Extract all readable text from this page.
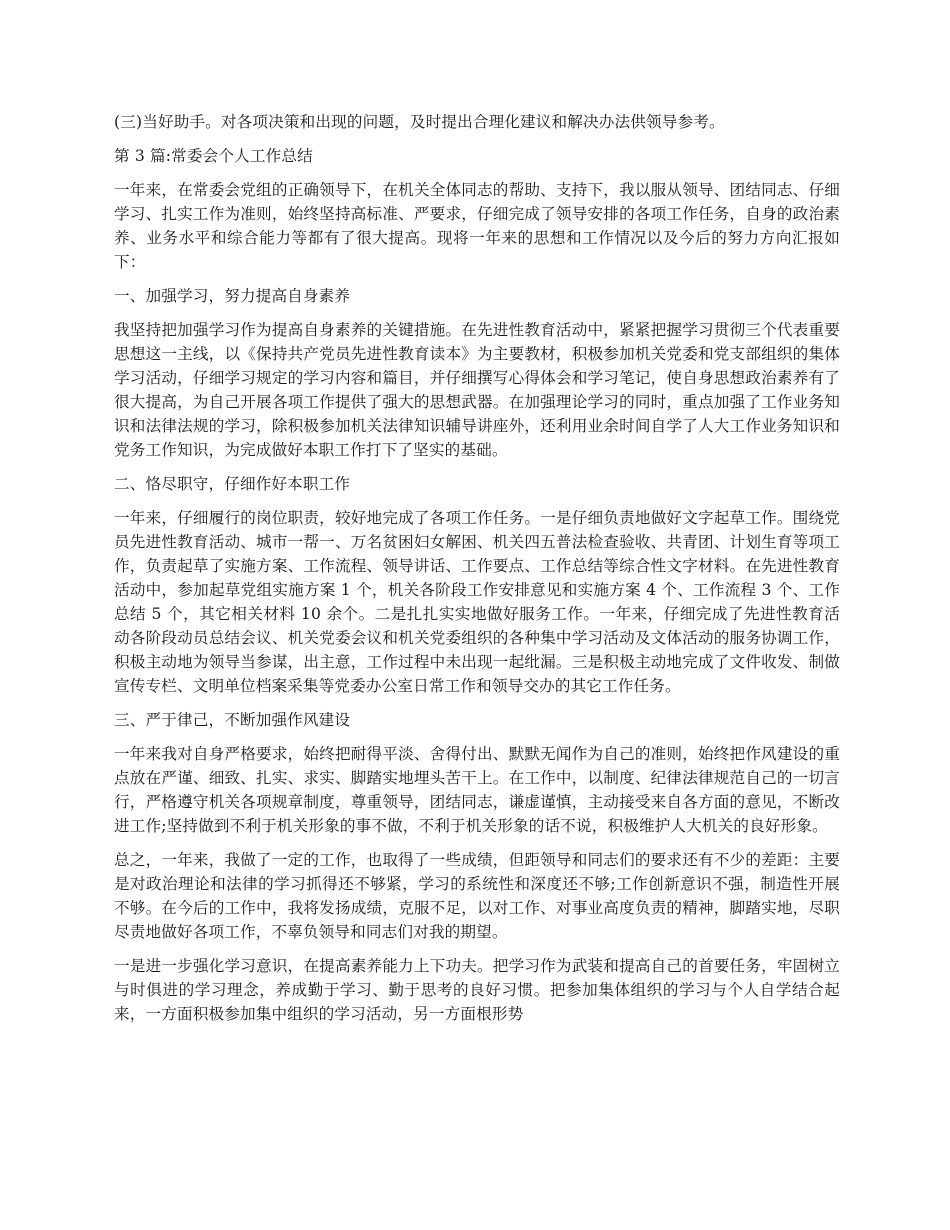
(三)当好助手。对各项决策和出现的问题，及时提出合理化建议和解决办法供领导参考。

第 3 篇:常委会个人工作总结

一年来，在常委会党组的正确领导下，在机关全体同志的帮助、支持下，我以服从领导、团结同志、仔细学习、扎实工作为准则，始终坚持高标准、严要求，仔细完成了领导安排的各项工作任务，自身的政治素养、业务水平和综合能力等都有了很大提高。现将一年来的思想和工作情况以及今后的努力方向汇报如下：

一、加强学习，努力提高自身素养

我坚持把加强学习作为提高自身素养的关键措施。在先进性教育活动中，紧紧把握学习贯彻三个代表重要思想这一主线，以《保持共产党员先进性教育读本》为主要教材，积极参加机关党委和党支部组织的集体学习活动，仔细学习规定的学习内容和篇目，并仔细撰写心得体会和学习笔记，使自身思想政治素养有了很大提高，为自己开展各项工作提供了强大的思想武器。在加强理论学习的同时，重点加强了工作业务知识和法律法规的学习，除积极参加机关法律知识辅导讲座外，还利用业余时间自学了人大工作业务知识和党务工作知识，为完成做好本职工作打下了坚实的基础。

二、恪尽职守，仔细作好本职工作

一年来，仔细履行的岗位职责，较好地完成了各项工作任务。一是仔细负责地做好文字起草工作。围绕党员先进性教育活动、城市一帮一、万名贫困妇女解困、机关四五普法检查验收、共青团、计划生育等项工作，负责起草了实施方案、工作流程、领导讲话、工作要点、工作总结等综合性文字材料。在先进性教育活动中，参加起草党组实施方案 1 个，机关各阶段工作安排意见和实施方案 4 个、工作流程 3 个、工作总结 5 个，其它相关材料 10 余个。二是扎扎实实地做好服务工作。一年来，仔细完成了先进性教育活动各阶段动员总结会议、机关党委会议和机关党委组织的各种集中学习活动及文体活动的服务协调工作，积极主动地为领导当参谋，出主意，工作过程中未出现一起纰漏。三是积极主动地完成了文件收发、制做宣传专栏、文明单位档案采集等党委办公室日常工作和领导交办的其它工作任务。

三、严于律己，不断加强作风建设

一年来我对自身严格要求，始终把耐得平淡、舍得付出、默默无闻作为自己的准则，始终把作风建设的重点放在严谨、细致、扎实、求实、脚踏实地埋头苦干上。在工作中，以制度、纪律法律规范自己的一切言行，严格遵守机关各项规章制度，尊重领导，团结同志，谦虚谨慎，主动接受来自各方面的意见，不断改进工作;坚持做到不利于机关形象的事不做，不利于机关形象的话不说，积极维护人大机关的良好形象。

总之，一年来，我做了一定的工作，也取得了一些成绩，但距领导和同志们的要求还有不少的差距：主要是对政治理论和法律的学习抓得还不够紧，学习的系统性和深度还不够;工作创新意识不强，制造性开展不够。在今后的工作中，我将发扬成绩，克服不足，以对工作、对事业高度负责的精神，脚踏实地，尽职尽责地做好各项工作，不辜负领导和同志们对我的期望。

一是进一步强化学习意识，在提高素养能力上下功夫。把学习作为武装和提高自己的首要任务，牢固树立与时俱进的学习理念，养成勤于学习、勤于思考的良好习惯。把参加集体组织的学习与个人自学结合起来，一方面积极参加集中组织的学习活动，另一方面根形势
